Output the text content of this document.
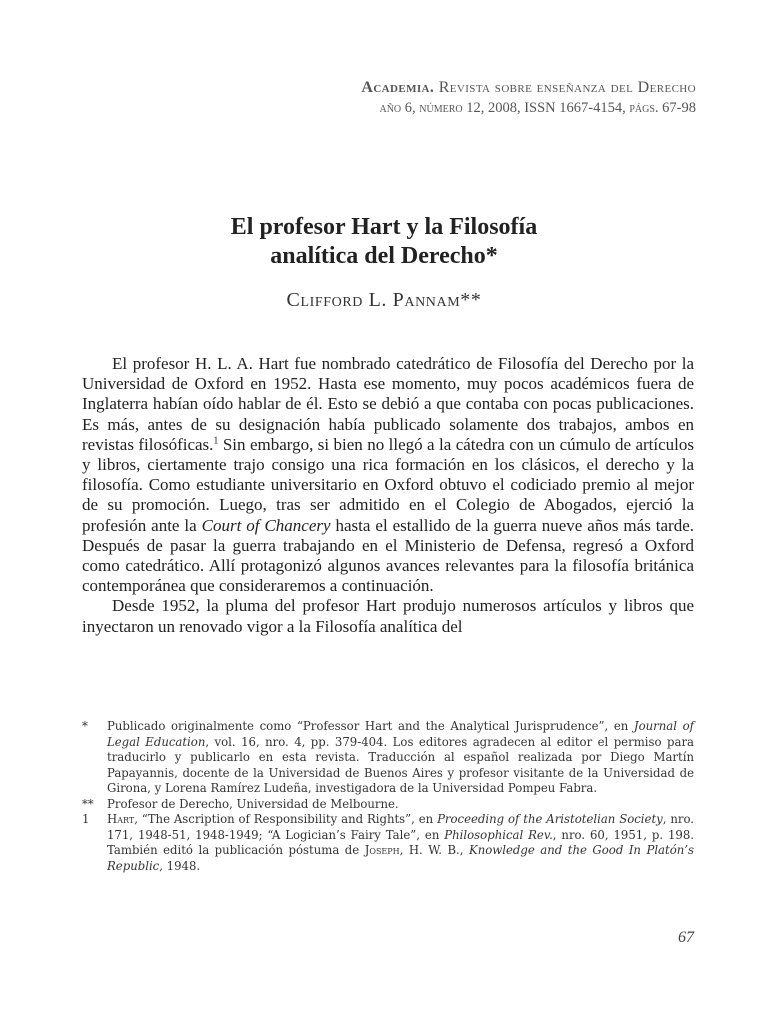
Academia. Revista sobre enseñanza del Derecho
año 6, número 12, 2008, ISSN 1667-4154, págs. 67-98
El profesor Hart y la Filosofía
analítica del Derecho*
Clifford L. Pannam**

El profesor H. L. A. Hart fue nombrado catedrático de Filosofía del Derecho por la Universidad de Oxford en 1952. Hasta ese momento, muy pocos académicos fuera de Inglaterra habían oído hablar de él. Esto se debió a que contaba con pocas publicaciones. Es más, antes de su designación había publicado solamente dos trabajos, ambos en revistas filosóficas.$^1$ Sin embargo, si bien no llegó a la cátedra con un cúmulo de artículos y libros, ciertamente trajo consigo una rica formación en los clásicos, el derecho y la filosofía. Como estudiante universitario en Oxford obtuvo el codiciado premio al mejor de su promoción. Luego, tras ser admitido en el Colegio de Abogados, ejerció la profesión ante la Court of Chancery hasta el estallido de la guerra nueve años más tarde. Después de pasar la guerra trabajando en el Ministerio de Defensa, regresó a Oxford como catedrático. Allí protagonizó algunos avances relevantes para la filosofía británica contemporánea que consideraremos a continuación.

Desde 1952, la pluma del profesor Hart produjo numerosos artículos y libros que inyectaron un renovado vigor a la Filosofía analítica del

*	Publicado originalmente como “Professor Hart and the Analytical Jurisprudence”, en Journal of Legal Education, vol. 16, nro. 4, pp. 379-404. Los editores agradecen al editor el permiso para traducirlo y publicarlo en esta revista. Traducción al español realizada por Diego Martín Papayannis, docente de la Universidad de Buenos Aires y profesor visitante de la Universidad de Girona, y Lorena Ramírez Ludeña, investigadora de la Universidad Pompeu Fabra.
**	Profesor de Derecho, Universidad de Melbourne.
1	Hart, “The Ascription of Responsibility and Rights”, en Proceeding of the Aristotelian Society, nro. 171, 1948-51, 1948-1949; “A Logician’s Fairy Tale”, en Philosophical Rev., nro. 60, 1951, p. 198. También editó la publicación póstuma de Joseph, H. W. B., Knowledge and the Good In Platón’s Republic, 1948.
67
